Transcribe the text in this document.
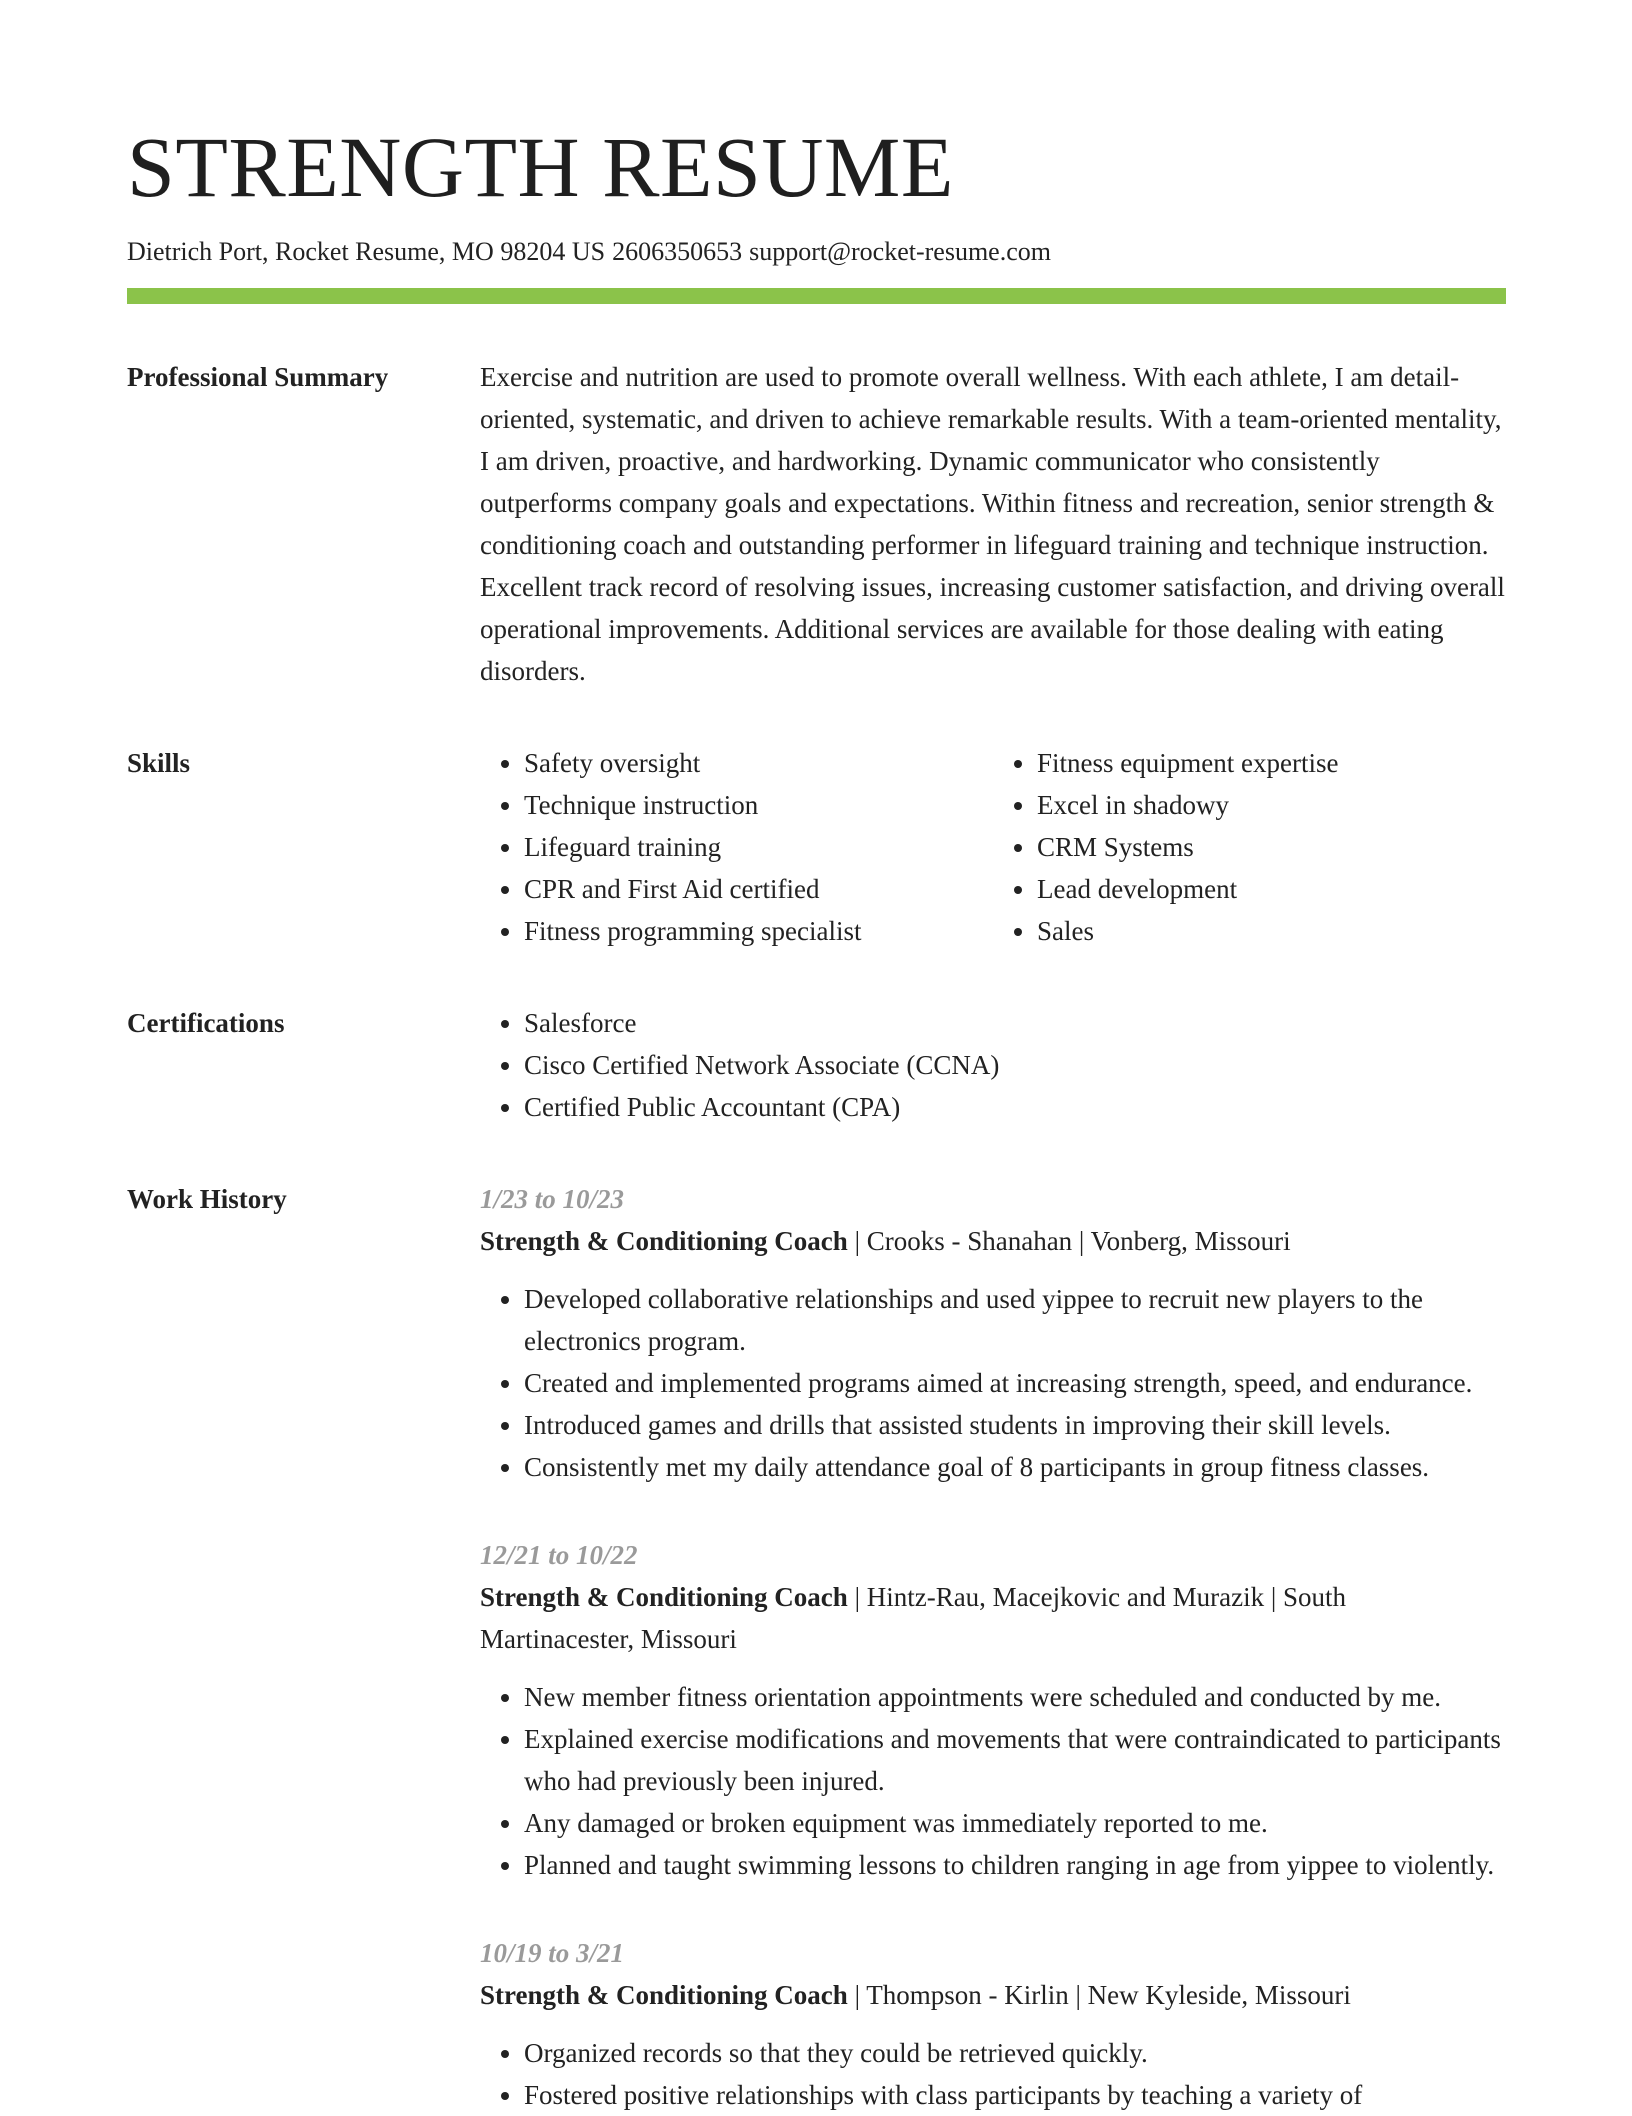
STRENGTH RESUME
Dietrich Port, Rocket Resume, MO 98204 US 2606350653 support@rocket-resume.com
Professional Summary	Exercise and nutrition are used to promote overall wellness. With each athlete, I am detail-oriented, systematic, and driven to achieve remarkable results. With a team-oriented mentality, I am driven, proactive, and hardworking. Dynamic communicator who consistently outperforms company goals and expectations. Within fitness and recreation, senior strength & conditioning coach and outstanding performer in lifeguard training and technique instruction. Excellent track record of resolving issues, increasing customer satisfaction, and driving overall operational improvements. Additional services are available for those dealing with eating disorders.

Skills	• Safety oversight
• Technique instruction
• Lifeguard training
• CPR and First Aid certified
• Fitness programming specialist
• Fitness equipment expertise
• Excel in shadowy
• CRM Systems
• Lead development
• Sales
Certifications	• Salesforce
• Cisco Certified Network Associate (CCNA)
• Certified Public Accountant (CPA)
Work History	1/23 to 10/23
Strength & Conditioning Coach | Crooks - Shanahan | Vonberg, Missouri
• Developed collaborative relationships and used yippee to recruit new players to the electronics program.
• Created and implemented programs aimed at increasing strength, speed, and endurance.
• Introduced games and drills that assisted students in improving their skill levels.
• Consistently met my daily attendance goal of 8 participants in group fitness classes.
12/21 to 10/22
Strength & Conditioning Coach | Hintz-Rau, Macejkovic and Murazik | South Martinacester, Missouri
• New member fitness orientation appointments were scheduled and conducted by me.
• Explained exercise modifications and movements that were contraindicated to participants who had previously been injured.
• Any damaged or broken equipment was immediately reported to me.
• Planned and taught swimming lessons to children ranging in age from yippee to violently.
10/19 to 3/21
Strength & Conditioning Coach | Thompson - Kirlin | New Kyleside, Missouri
• Organized records so that they could be retrieved quickly.
• Fostered positive relationships with class participants by teaching a variety of
